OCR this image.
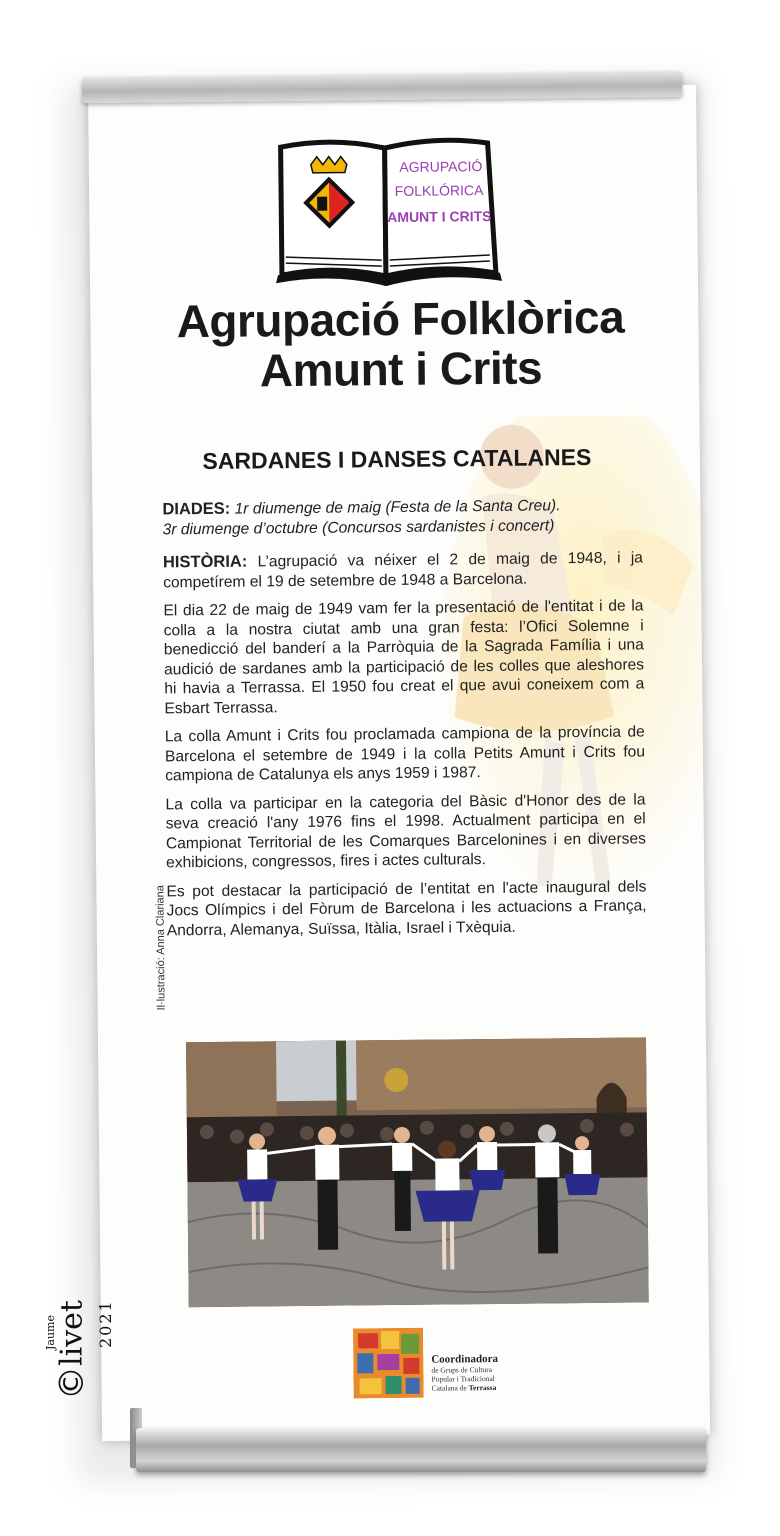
AGRUPACIÓ
FOLKLÓRICA
AMUNT I CRITS
Agrupació Folklòrica
Amunt i Crits
SARDANES I DANSES CATALANES

DIADES: 1r diumenge de maig (Festa de la Santa Creu).
3r diumenge d’octubre (Concursos sardanistes i concert)

HISTÒRIA: L’agrupació va néixer el 2 de maig de 1948, i ja competírem el 19 de setembre de 1948 a Barcelona.

El dia 22 de maig de 1949 vam fer la presentació de l'entitat i de la colla a la nostra ciutat amb una gran festa: l’Ofici Solemne i benedicció del banderí a la Parròquia de la Sagrada Família i una audició de sardanes amb la participació de les colles que aleshores hi havia a Terrassa. El 1950 fou creat el que avui coneixem com a Esbart Terrassa.

La colla Amunt i Crits fou proclamada campiona de la província de Barcelona el setembre de 1949 i la colla Petits Amunt i Crits fou campiona de Catalunya els anys 1959 i 1987.

La colla va participar en la categoria del Bàsic d'Honor des de la seva creació l'any 1976 fins el 1998. Actualment participa en el Campionat Territorial de les Comarques Barcelonines i en diverses exhibicions, congressos, fires i actes culturals.

Es pot destacar la participació de l’entitat en l'acte inaugural dels Jocs Olímpics i del Fòrum de Barcelona i les actuacions a França, Andorra, Alemanya, Suïssa, Itàlia, Israel i Txèquia.

Il·lustració: Anna Clariana
Coordinadora
de Grups de Cultura
Popular i Tradicional
Catalana de Terrassa
©livet
Jaume 2021
